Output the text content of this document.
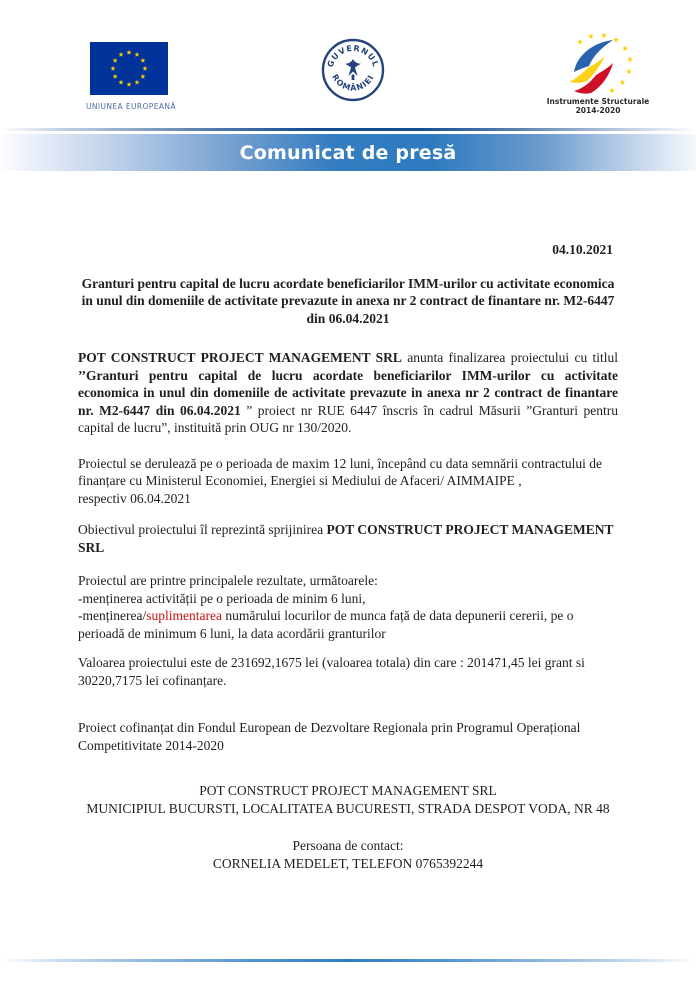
UNIUNEA EUROPEANĂ
GUVERNUL
ROMÂNIEI
Instrumente Structurale
2014-2020
Comunicat de presă
04.10.2021
Granturi pentru capital de lucru acordate beneficiarilor IMM-urilor cu activitate economica in unul din domeniile de activitate prevazute in anexa nr 2 contract de finantare nr. M2-6447 din 06.04.2021

POT CONSTRUCT PROJECT MANAGEMENT SRL anunta finalizarea proiectului cu titlul ’’Granturi pentru capital de lucru acordate beneficiarilor IMM-urilor cu activitate economica in unul din domeniile de activitate prevazute in anexa nr 2 contract de finantare nr. M2-6447 din 06.04.2021 ” proiect nr RUE 6447 înscris în cadrul Măsurii ”Granturi pentru capital de lucru”, instituită prin OUG nr 130/2020.

Proiectul se derulează pe o perioada de maxim 12 luni, începând cu data semnării contractului de finanțare cu Ministerul Economiei, Energiei si Mediului de Afaceri/ AIMMAIPE ,
respectiv 06.04.2021

Obiectivul proiectului îl reprezintă sprijinirea POT CONSTRUCT PROJECT MANAGEMENT SRL

Proiectul are printre principalele rezultate, următoarele:
-menținerea activității pe o perioada de minim 6 luni,
-menținerea/suplimentarea numărului locurilor de munca față de data depunerii cererii, pe o perioadă de minimum 6 luni, la data acordării granturilor

Valoarea proiectului este de 231692,1675 lei (valoarea totala) din care : 201471,45 lei grant si 30220,7175 lei cofinanțare.

Proiect cofinanțat din Fondul European de Dezvoltare Regionala prin Programul Operațional Competitivitate 2014-2020

POT CONSTRUCT PROJECT MANAGEMENT SRL
MUNICIPIUL BUCURSTI, LOCALITATEA BUCURESTI, STRADA DESPOT VODA, NR 48
Persoana de contact:
CORNELIA MEDELET, TELEFON 0765392244
